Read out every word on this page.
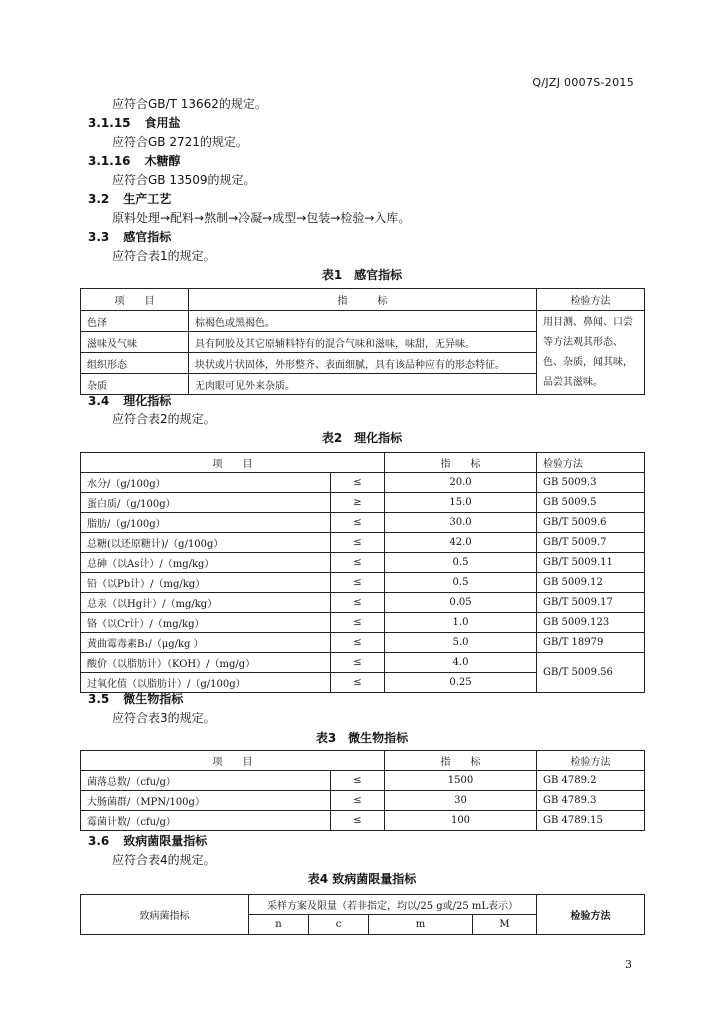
Q/JZJ 0007S-2015
应符合GB/T 13662的规定。
3.1.15 食用盐
应符合GB 2721的规定。
3.1.16 木糖醇
应符合GB 13509的规定。
3.2 生产工艺
原料处理→配料→熬制→冷凝→成型→包装→检验→入库。
3.3 感官指标
应符合表1的规定。
表1　感官指标
项　　目	指　　　标	检验方法
色泽	棕褐色或黑褐色。	用目测、鼻闻、口尝等方法观其形态、色、杂质，闻其味，品尝其滋味。
滋味及气味	具有阿胶及其它原辅料特有的混合气味和滋味，味甜，无异味。	
组织形态	块状或片状固体，外形整齐、表面细腻，具有该品种应有的形态特征。	
杂质	无肉眼可见外来杂质。	
3.4 理化指标
应符合表2的规定。
表2　理化指标
项　　目		指　　标	检验方法
水分/（g/100g）	≤	20.0	GB 5009.3
蛋白质/（g/100g）	≥	15.0	GB 5009.5
脂肪/（g/100g）	≤	30.0	GB/T 5009.6
总糖(以还原糖计)/（g/100g）	≤	42.0	GB/T 5009.7
总砷（以As计）/（mg/kg）	≤	0.5	GB/T 5009.11
铅（以Pb计）/（mg/kg）	≤	0.5	GB 5009.12
总汞（以Hg计）/（mg/kg）	≤	0.05	GB/T 5009.17
铬（以Cr计）/（mg/kg）	≤	1.0	GB 5009.123
黄曲霉毒素B₁/（μg/kg ）	≤	5.0	GB/T 18979
酸价（以脂肪计）（KOH）/（mg/g）	≤	4.0	GB/T 5009.56
过氧化值（以脂肪计）/（g/100g）	≤	0.25	
3.5 微生物指标
应符合表3的规定。
表3　微生物指标
项　　目		指　　标	检验方法
菌落总数/（cfu/g）	≤	1500	GB 4789.2
大肠菌群/（MPN/100g）	≤	30	GB 4789.3
霉菌计数/（cfu/g）	≤	100	GB 4789.15
3.6 致病菌限量指标
应符合表4的规定。
表4 致病菌限量指标
致病菌指标	采样方案及限量（若非指定，均以/25 g或/25 mL表示）				检验方法
	n	c	m	M	
3
